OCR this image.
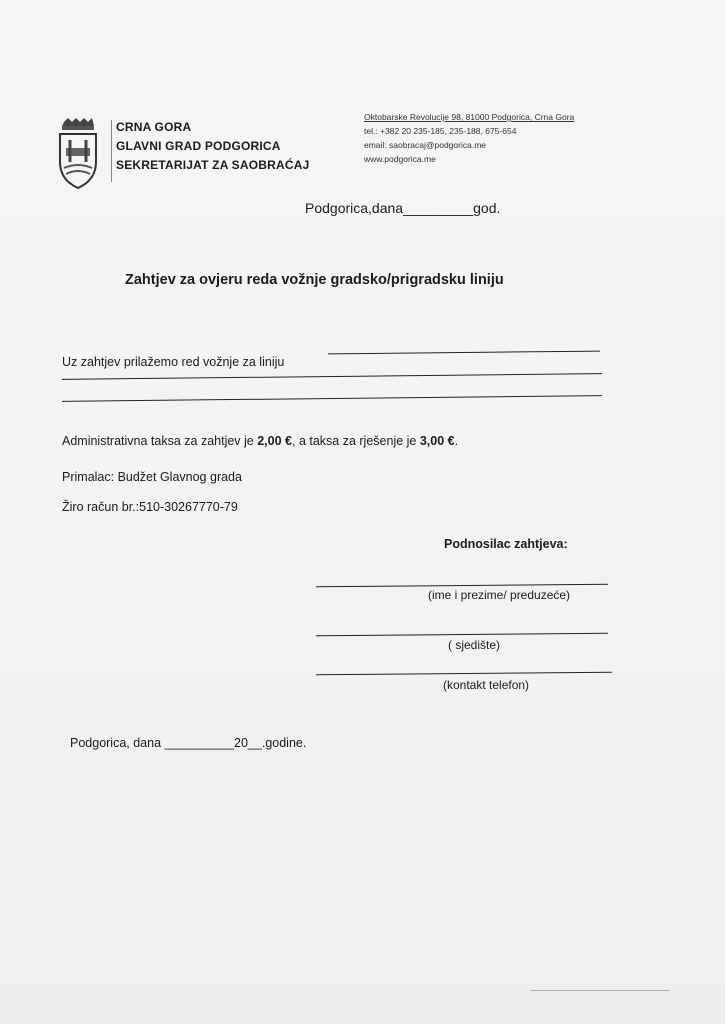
CRNA GORA
GLAVNI GRAD PODGORICA
SEKRETARIJAT ZA SAOBRAĆAJ
Oktobarske Revolucije 98, 81000 Podgorica, Crna Gora
tel.: +382 20 235-185, 235-188, 675-654
email: saobracaj@podgorica.me
www.podgorica.me
Podgorica,dana_________god.
Zahtjev za ovjeru reda vožnje gradsko/prigradsku liniju
Uz zahtjev prilažemo red vožnje za liniju
Administrativna taksa za zahtjev je 2,00 €, a taksa za rješenje je 3,00 €.
Primalac: Budžet Glavnog grada
Žiro račun br.:510-30267770-79
Podnosilac zahtjeva:
(ime i prezime/ preduzeće)
( sjedište)
(kontakt telefon)
Podgorica, dana __________20__.godine.
